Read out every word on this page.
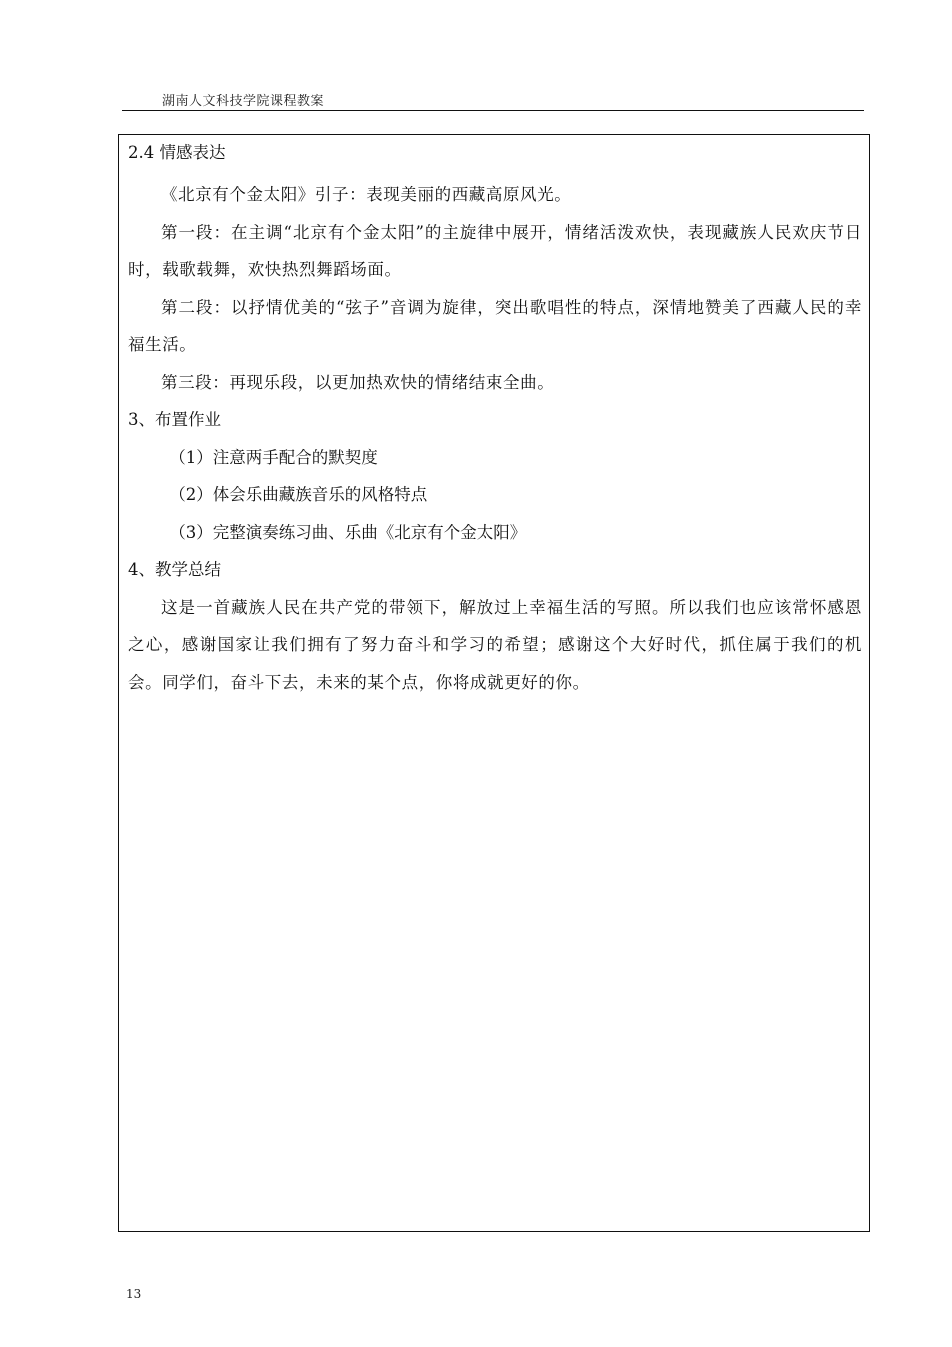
湖南人文科技学院课程教案
2.4 情感表达
《北京有个金太阳》引子：表现美丽的西藏高原风光。
第一段：在主调“北京有个金太阳”的主旋律中展开，情绪活泼欢快，表现藏族人民欢庆节日时，载歌载舞，欢快热烈舞蹈场面。
第二段：以抒情优美的“弦子”音调为旋律，突出歌唱性的特点，深情地赞美了西藏人民的幸福生活。
第三段：再现乐段，以更加热欢快的情绪结束全曲。
3、布置作业
（1）注意两手配合的默契度
（2）体会乐曲藏族音乐的风格特点
（3）完整演奏练习曲、乐曲《北京有个金太阳》
4、教学总结
这是一首藏族人民在共产党的带领下，解放过上幸福生活的写照。所以我们也应该常怀感恩之心，感谢国家让我们拥有了努力奋斗和学习的希望；感谢这个大好时代，抓住属于我们的机会。同学们，奋斗下去，未来的某个点，你将成就更好的你。
13
